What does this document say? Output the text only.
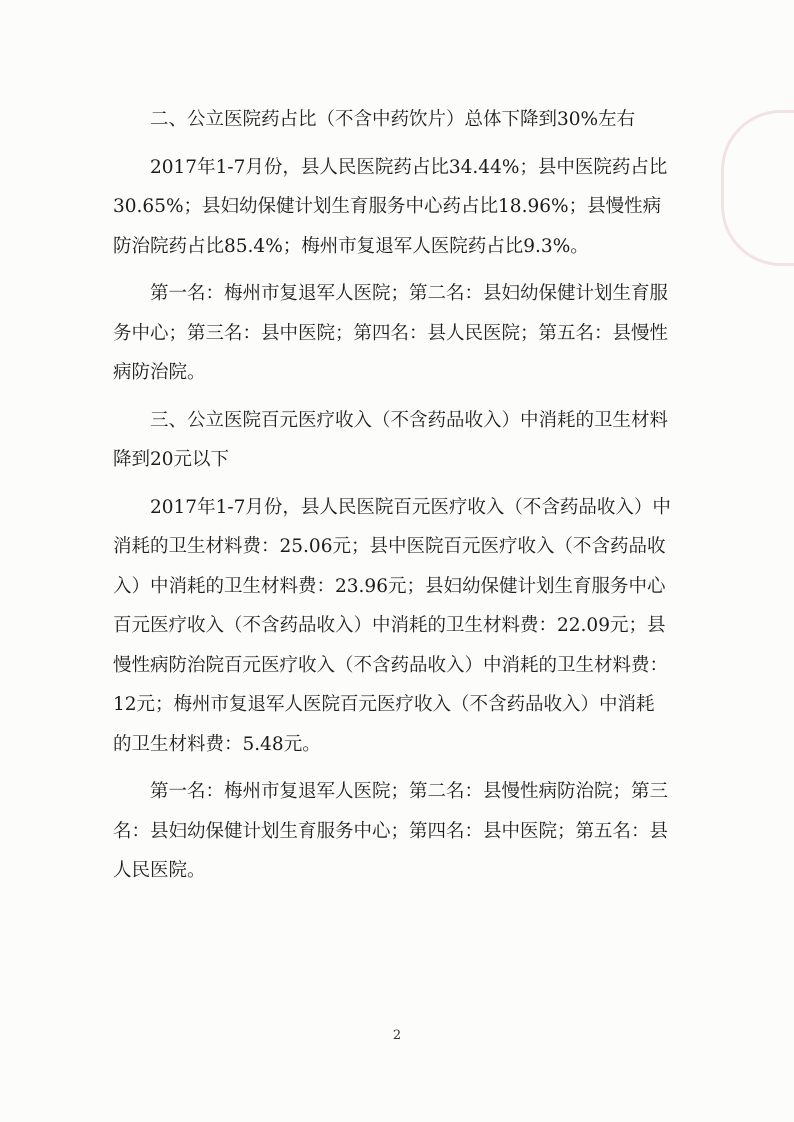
二、公立医院药占比（不含中药饮片）总体下降到30%左右

2017年1-7月份，县人民医院药占比34.44%；县中医院药占比30.65%；县妇幼保健计划生育服务中心药占比18.96%；县慢性病防治院药占比85.4%；梅州市复退军人医院药占比9.3%。

第一名：梅州市复退军人医院；第二名：县妇幼保健计划生育服务中心；第三名：县中医院；第四名：县人民医院；第五名：县慢性病防治院。

三、公立医院百元医疗收入（不含药品收入）中消耗的卫生材料降到20元以下

2017年1-7月份，县人民医院百元医疗收入（不含药品收入）中消耗的卫生材料费：25.06元；县中医院百元医疗收入（不含药品收入）中消耗的卫生材料费：23.96元；县妇幼保健计划生育服务中心百元医疗收入（不含药品收入）中消耗的卫生材料费：22.09元；县慢性病防治院百元医疗收入（不含药品收入）中消耗的卫生材料费：12元；梅州市复退军人医院百元医疗收入（不含药品收入）中消耗的卫生材料费：5.48元。

第一名：梅州市复退军人医院；第二名：县慢性病防治院；第三名：县妇幼保健计划生育服务中心；第四名：县中医院；第五名：县人民医院。

2
